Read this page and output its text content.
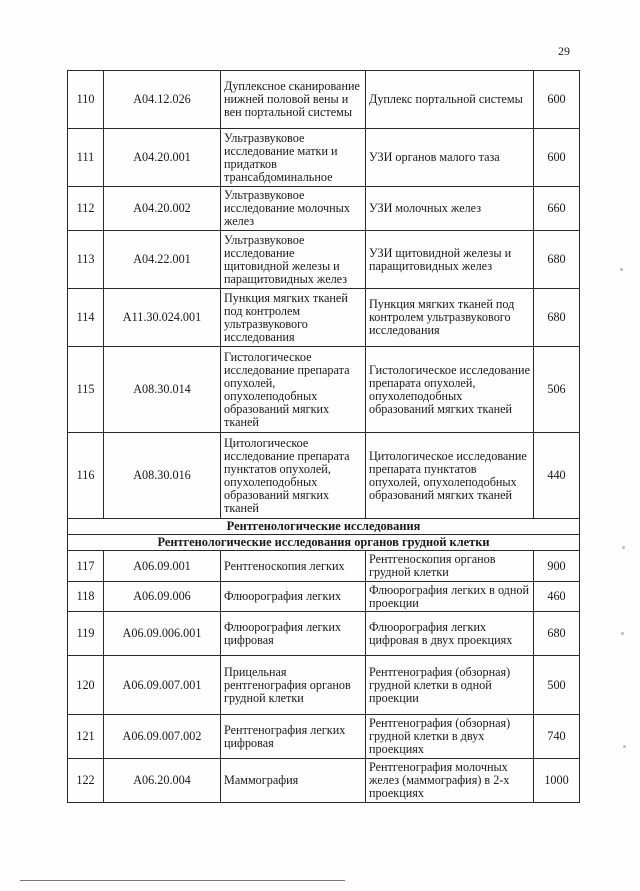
29
110	A04.12.026	Дуплексное сканирование нижней половой вены и вен портальной системы	Дуплекс портальной системы	600
111	A04.20.001	Ультразвуковое исследование матки и придатков трансабдоминальное	УЗИ органов малого таза	600
112	A04.20.002	Ультразвуковое исследование молочных желез	УЗИ молочных желез	660
113	A04.22.001	Ультразвуковое исследование щитовидной железы и паращитовидных желез	УЗИ щитовидной железы и паращитовидных желез	680
114	A11.30.024.001	Пункция мягких тканей под контролем ультразвукового исследования	Пункция мягких тканей под контролем ультразвукового исследования	680
115	A08.30.014	Гистологическое исследование препарата опухолей, опухолеподобных образований мягких тканей	Гистологическое исследование препарата опухолей, опухолеподобных образований мягких тканей	506
116	A08.30.016	Цитологическое исследование препарата пунктатов опухолей, опухолеподобных образований мягких тканей	Цитологическое исследование препарата пунктатов опухолей, опухолеподобных образований мягких тканей	440
Рентгенологические исследования				
Рентгенологические исследования органов грудной клетки				
117	A06.09.001	Рентгеноскопия легких	Рентгеноскопия органов грудной клетки	900
118	A06.09.006	Флюорография легких	Флюорография легких в одной проекции	460
119	A06.09.006.001	Флюорография легких цифровая	Флюорография легких цифровая в двух проекциях	680
120	A06.09.007.001	Прицельная рентгенография органов грудной клетки	Рентгенография (обзорная) грудной клетки в одной проекции	500
121	A06.09.007.002	Рентгенография легких цифровая	Рентгенография (обзорная) грудной клетки в двух проекциях	740
122	A06.20.004	Маммография	Рентгенография молочных желез (маммография) в 2-х проекциях	1000
